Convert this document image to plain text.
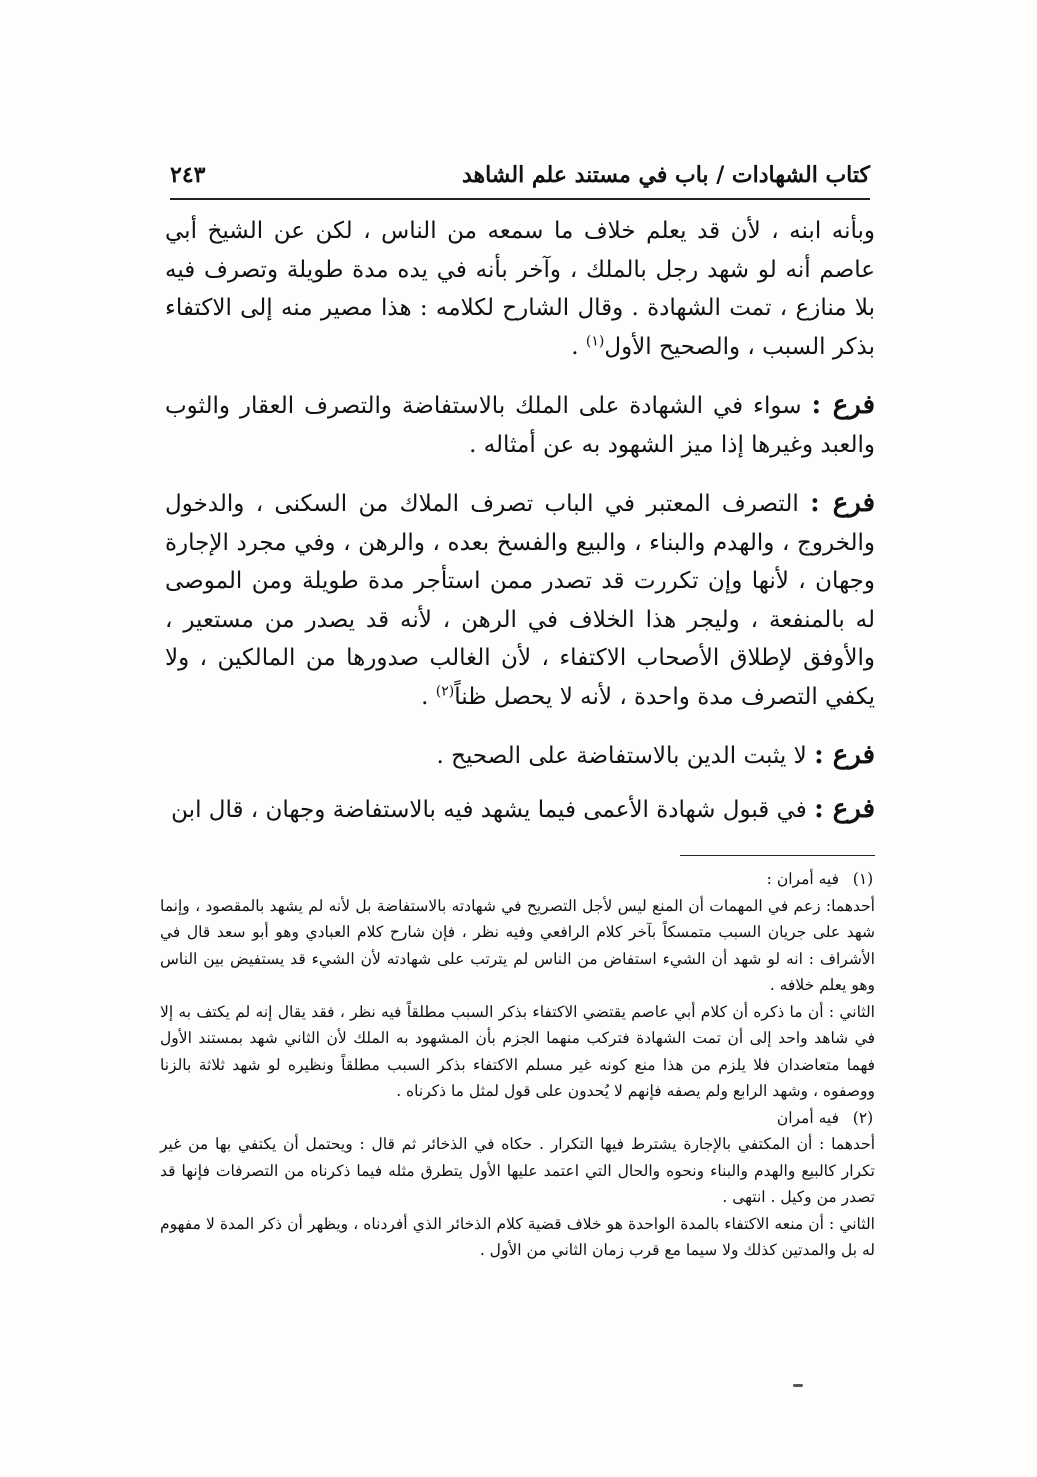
كتاب الشهادات / باب في مستند علم الشاهد
٢٤٣

وبأنه ابنه ، لأن قد يعلم خلاف ما سمعه من الناس ، لكن عن الشيخ أبي عاصم أنه لو شهد رجل بالملك ، وآخر بأنه في يده مدة طويلة وتصرف فيه بلا منازع ، تمت الشهادة . وقال الشارح لكلامه : هذا مصير منه إلى الاكتفاء بذكر السبب ، والصحيح الأول$^{(١)}$ .

فرع : سواء في الشهادة على الملك بالاستفاضة والتصرف العقار والثوب والعبد وغيرها إذا ميز الشهود به عن أمثاله .

فرع : التصرف المعتبر في الباب تصرف الملاك من السكنى ، والدخول والخروج ، والهدم والبناء ، والبيع والفسخ بعده ، والرهن ، وفي مجرد الإجارة وجهان ، لأنها وإن تكررت قد تصدر ممن استأجر مدة طويلة ومن الموصى له بالمنفعة ، وليجر هذا الخلاف في الرهن ، لأنه قد يصدر من مستعير ، والأوفق لإطلاق الأصحاب الاكتفاء ، لأن الغالب صدورها من المالكين ، ولا يكفي التصرف مدة واحدة ، لأنه لا يحصل ظناً$^{(٢)}$ .

فرع : لا يثبت الدين بالاستفاضة على الصحيح .

فرع : في قبول شهادة الأعمى فيما يشهد فيه بالاستفاضة وجهان ، قال ابن

(١)
فيه أمران :

أحدهما: زعم في المهمات أن المنع ليس لأجل التصريح في شهادته بالاستفاضة بل لأنه لم يشهد بالمقصود ، وإنما شهد على جريان السبب متمسكاً بآخر كلام الرافعي وفيه نظر ، فإن شارح كلام العبادي وهو أبو سعد قال في الأشراف : انه لو شهد أن الشيء استفاض من الناس لم يترتب على شهادته لأن الشيء قد يستفيض بين الناس وهو يعلم خلافه .

الثاني : أن ما ذكره أن كلام أبي عاصم يقتضي الاكتفاء بذكر السبب مطلقاً فيه نظر ، فقد يقال إنه لم يكتف به إلا في شاهد واحد إلى أن تمت الشهادة فتركب منهما الجزم بأن المشهود به الملك لأن الثاني شهد بمستند الأول فهما متعاضدان فلا يلزم من هذا منع كونه غير مسلم الاكتفاء بذكر السبب مطلقاً ونظيره لو شهد ثلاثة بالزنا ووصفوه ، وشهد الرابع ولم يصفه فإنهم لا يُحدون على قول لمثل ما ذكرناه .

(٢)
فيه أمران

أحدهما : أن المكتفي بالإجارة يشترط فيها التكرار . حكاه في الذخائر ثم قال : ويحتمل أن يكتفي بها من غير تكرار كالبيع والهدم والبناء ونحوه والحال التي اعتمد عليها الأول يتطرق مثله فيما ذكرناه من التصرفات فإنها قد تصدر من وكيل . انتهى .

الثاني : أن منعه الاكتفاء بالمدة الواحدة هو خلاف قضية كلام الذخائر الذي أفردناه ، ويظهر أن ذكر المدة لا مفهوم له بل والمدتين كذلك ولا سيما مع قرب زمان الثاني من الأول .
